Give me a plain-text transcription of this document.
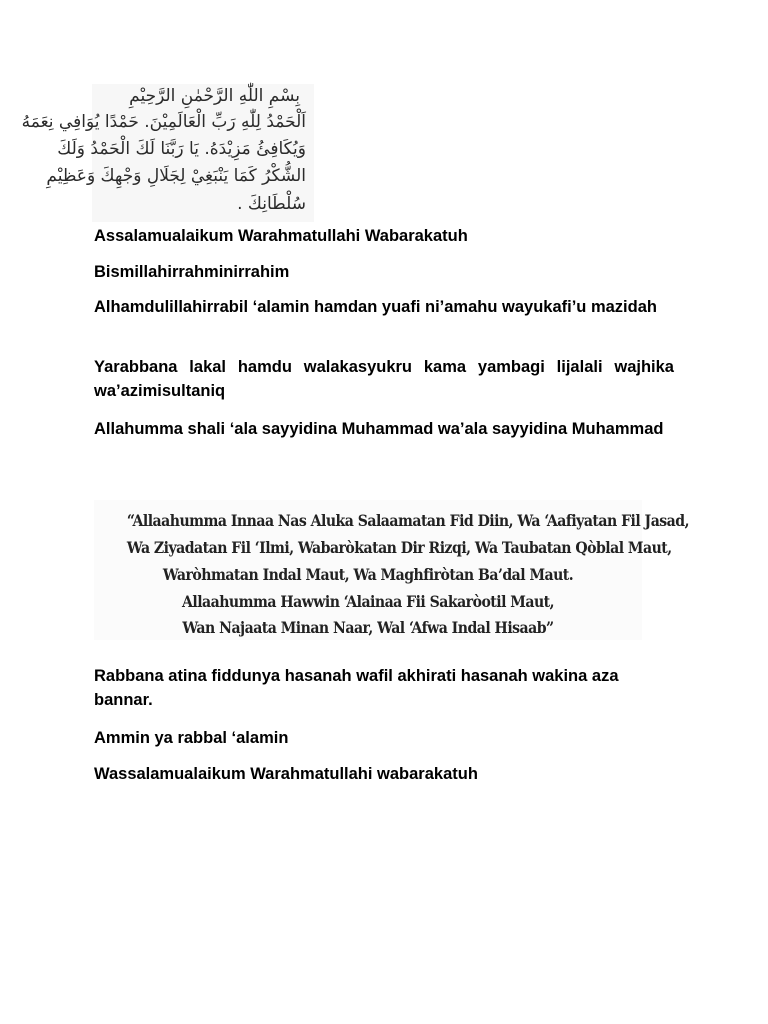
بِسْمِ اللّٰهِ الرَّحْمٰنِ الرَّحِيْمِ
اَلْحَمْدُ لِلّٰهِ رَبِّ الْعَالَمِيْنَ. حَمْدًا يُوَافِي نِعَمَهُ
وَيُكَافِئُ مَزِيْدَهُ. يَا رَبَّنَا لَكَ الْحَمْدُ وَلَكَ
الشُّكْرُ كَمَا يَنْبَغِيْ لِجَلَالِ وَجْهِكَ وَعَظِيْمِ
سُلْطَانِكَ .

Assalamualaikum Warahmatullahi Wabarakatuh

Bismillahirrahminirrahim

Alhamdulillahirrabil ‘alamin hamdan yuafi ni’amahu wayukafi’u mazidah

Yarabbana lakal hamdu walakasyukru kama yambagi lijalali wajhika wa’azimisultaniq

Allahumma shali ‘ala sayyidina Muhammad wa’ala sayyidina Muhammad

“Allaahumma Innaa Nas Aluka Salaamatan Fid Diin, Wa ‘Aafiyatan Fil Jasad,
Wa Ziyadatan Fil ‘Ilmi, Wabaròkatan Dir Rizqi, Wa Taubatan Qòblal Maut,
Waròhmatan Indal Maut, Wa Maghfiròtan Ba’dal Maut.
Allaahumma Hawwin ‘Alainaa Fii Sakaròotil Maut,
Wan Najaata Minan Naar, Wal ‘Afwa Indal Hisaab”

Rabbana atina fiddunya hasanah wafil akhirati hasanah wakina aza bannar.

Ammin ya rabbal ‘alamin

Wassalamualaikum Warahmatullahi wabarakatuh
